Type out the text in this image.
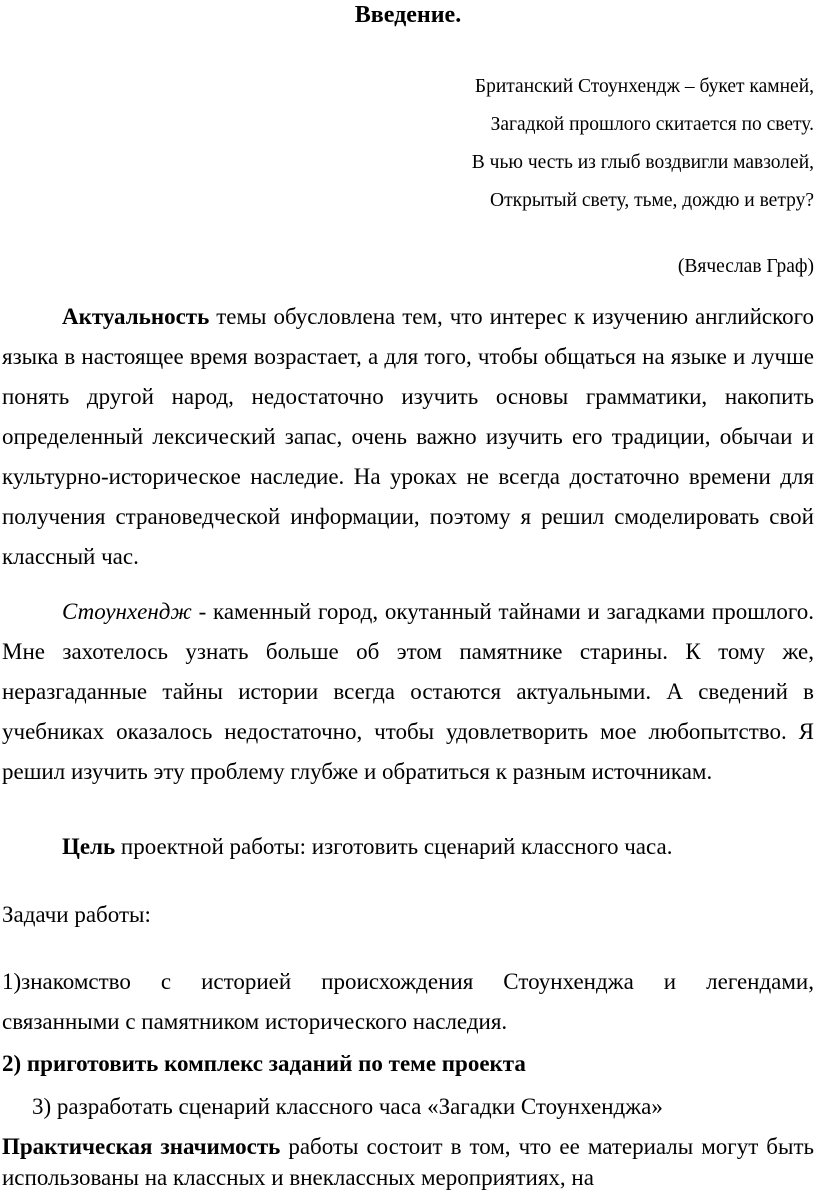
Введение.
Британский Стоунхендж – букет камней,
Загадкой прошлого скитается по свету.
В чью честь из глыб воздвигли мавзолей,
Открытый свету, тьме, дождю и ветру?
(Вячеслав Граф)

Актуальность темы обусловлена тем, что интерес к изучению английского языка в настоящее время возрастает, а для того, чтобы общаться на языке и лучше понять другой народ, недостаточно изучить основы грамматики, накопить определенный лексический запас, очень важно изучить его традиции, обычаи и культурно-историческое наследие. На уроках не всегда достаточно времени для получения страноведческой информации, поэтому я решил смоделировать свой классный час.

Стоунхендж - каменный город, окутанный тайнами и загадками прошлого. Мне захотелось узнать больше об этом памятнике старины. К тому же, неразгаданные тайны истории всегда остаются актуальными. А сведений в учебниках оказалось недостаточно, чтобы удовлетворить мое любопытство. Я решил изучить эту проблему глубже и обратиться к разным источникам.

Цель проектной работы: изготовить сценарий классного часа.

Задачи работы:

1)знакомство с историей происхождения Стоунхенджа и легендами,

связанными с памятником исторического наследия.

2) приготовить комплекс заданий по теме проекта

3) разработать сценарий классного часа «Загадки Стоунхенджа»

Практическая значимость работы состоит в том, что ее материалы могут быть использованы на классных и внеклассных мероприятиях, на
